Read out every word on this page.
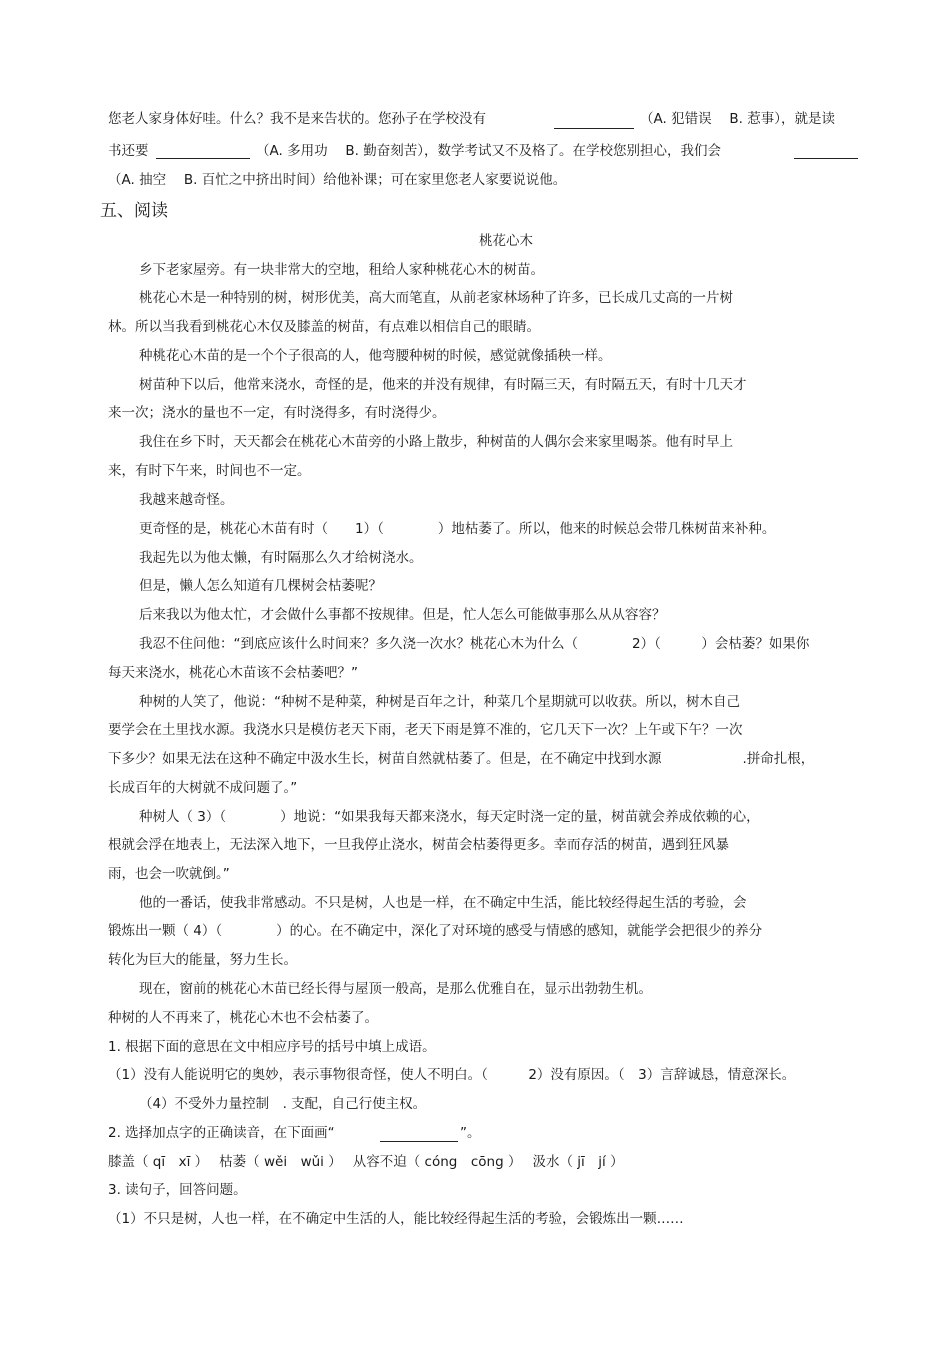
您老人家身体好哇。什么？我不是来告状的。您孙子在学校没有	（A. 犯错误　 B. 惹事），就是读
书还要	（A. 多用功　 B. 勤奋刻苦），数学考试又不及格了。在学校您别担心，我们会
（A. 抽空　 B. 百忙之中挤出时间）给他补课；可在家里您老人家要说说他。
五、阅读
桃花心木
乡下老家屋旁。有一块非常大的空地，租给人家种桃花心木的树苗。
桃花心木是一种特别的树，树形优美，高大而笔直，从前老家林场种了许多，已长成几丈高的一片树
林。所以当我看到桃花心木仅及膝盖的树苗，有点难以相信自己的眼睛。
种桃花心木苗的是一个个子很高的人，他弯腰种树的时候，感觉就像插秧一样。
树苗种下以后，他常来浇水，奇怪的是，他来的并没有规律，有时隔三天，有时隔五天，有时十几天才
来一次；浇水的量也不一定，有时浇得多，有时浇得少。
我住在乡下时，天天都会在桃花心木苗旁的小路上散步，种树苗的人偶尔会来家里喝茶。他有时早上
来，有时下午来，时间也不一定。
我越来越奇怪。
更奇怪的是，桃花心木苗有时（　　1）（　　　　）地枯萎了。所以，他来的时候总会带几株树苗来补种。
我起先以为他太懒，有时隔那么久才给树浇水。
但是，懒人怎么知道有几棵树会枯萎呢？
后来我以为他太忙，才会做什么事都不按规律。但是，忙人怎么可能做事那么从从容容？
我忍不住问他：“到底应该什么时间来？多久浇一次水？桃花心木为什么（　　　　2）（　　　）会枯萎？如果你
每天来浇水，桃花心木苗该不会枯萎吧？”
种树的人笑了，他说：“种树不是种菜，种树是百年之计，种菜几个星期就可以收获。所以，树木自己
要学会在土里找水源。我浇水只是模仿老天下雨，老天下雨是算不准的，它几天下一次？上午或下午？一次
下多少？如果无法在这种不确定中汲水生长，树苗自然就枯萎了。但是，在不确定中找到水源　　　　　　.拼命扎根，
长成百年的大树就不成问题了。”
种树人（ 3）（　　　　）地说：“如果我每天都来浇水，每天定时浇一定的量，树苗就会养成依赖的心，
根就会浮在地表上，无法深入地下，一旦我停止浇水，树苗会枯萎得更多。幸而存活的树苗，遇到狂风暴
雨，也会一吹就倒。”
他的一番话，使我非常感动。不只是树，人也是一样，在不确定中生活，能比较经得起生活的考验，会
锻炼出一颗（ 4）（　　　　）的心。在不确定中，深化了对环境的感受与情感的感知，就能学会把很少的养分
转化为巨大的能量，努力生长。
现在，窗前的桃花心木苗已经长得与屋顶一般高，是那么优雅自在，显示出勃勃生机。
种树的人不再来了，桃花心木也不会枯萎了。
1. 根据下面的意思在文中相应序号的括号中填上成语。
（1）没有人能说明它的奥妙，表示事物很奇怪，使人不明白。（　　　2）没有原因。（　3）言辞诚恳，情意深长。
（4）不受外力量控制　. 支配，自己行使主权。
2. 选择加点字的正确读音，在下面画“	”。
膝盖（ qī　xī ）　 枯萎（ wěi　wǔi ）　 从容不迫（ cóng　cōng ）　 汲水（ jī　jí ）
3. 读句子，回答问题。
（1）不只是树，人也一样，在不确定中生活的人，能比较经得起生活的考验，会锻炼出一颗……
